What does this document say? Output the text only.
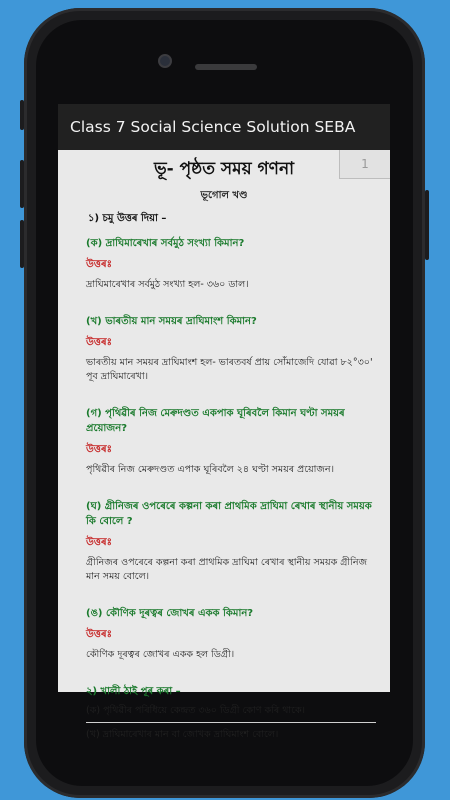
Class 7 Social Science Solution SEBA
1
ভূ- পৃষ্ঠত সময় গণনা
ভূগোল খণ্ড
১) চমু উত্তৰ দিয়া –
(ক) দ্ৰাঘিমাৰেখাৰ সৰ্বমুঠ সংখ্যা কিমান?
উত্তৰঃ
দ্ৰাঘিমাৰেখাৰ সৰ্বমুঠ সংখ্যা হল- ৩৬০ ডাল।
(খ) ভাৰতীয় মান সময়ৰ দ্ৰাঘিমাংশ কিমান?
উত্তৰঃ
ভাৰতীয় মান সময়ৰ দ্ৰাঘিমাংশ হল- ভাৰতবৰ্ষ প্ৰায় সোঁমাজেদি যোৱা ৮২°৩০' পূব দ্ৰাঘিমাৰেখা।
(গ) পৃথিৱীৰ নিজ মেৰুদণ্ডত একপাক ঘূৰিবলৈ কিমান ঘণ্টা সময়ৰ প্ৰয়োজন?
উত্তৰঃ
পৃথিৱীৰ নিজ মেৰুদণ্ডত এপাক ঘূৰিবলৈ ২৪ ঘণ্টা সময়ৰ প্ৰয়োজন।
(ঘ) গ্ৰীনিজৰ ওপৰেৰে কল্পনা কৰা প্ৰাথমিক দ্ৰাঘিমা ৰেখাৰ স্থানীয় সময়ক কি বোলে ?
উত্তৰঃ
গ্ৰীনিজৰ ওপৰেৰে কল্পনা কৰা প্ৰাথমিক দ্ৰাঘিমা ৰেখাৰ স্থানীয় সময়ক গ্ৰীনিজ মান সময় বোলে।
(ঙ) কৌণিক দূৰত্বৰ জোখৰ একক কিমান?
উত্তৰঃ
কৌণিক দূৰত্বৰ জোখৰ একক হল ডিগ্ৰী।
২) খালী ঠাই পূৰ কৰা –
(ক) পৃথিৱীৰ পৰিধিয়ে কেন্দ্ৰত ৩৬০ ডিগ্ৰী কোণ কৰি থাকে।
(খ) দ্ৰাঘিমাৰেখাৰ মান বা জোখক দ্ৰাঘিমাংশ বোলে।
